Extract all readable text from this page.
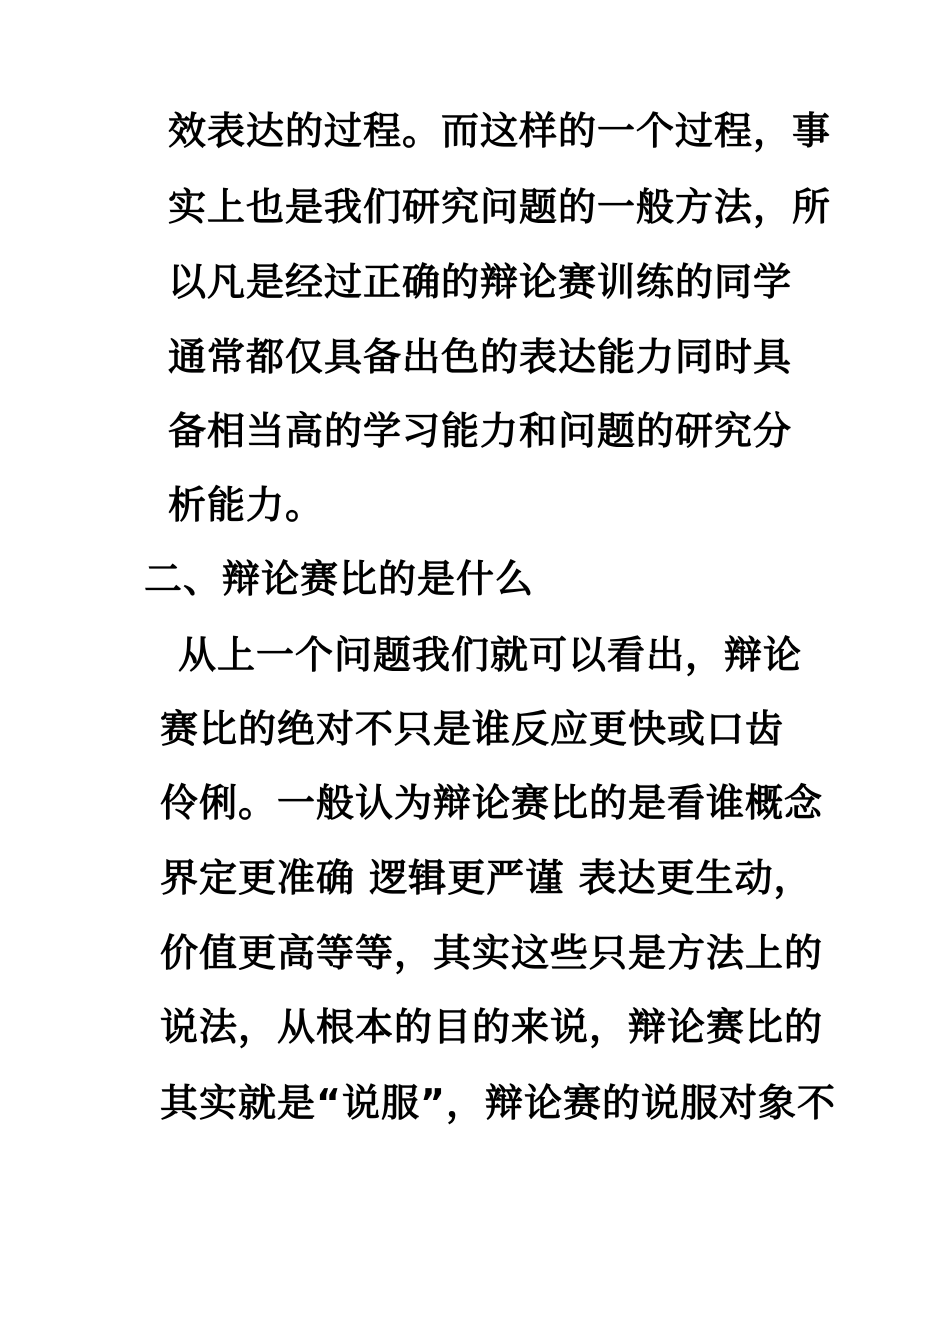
效表达的过程。而这样的一个过程，事
实上也是我们研究问题的一般方法，所
以凡是经过正确的辩论赛训练的同学
通常都仅具备出色的表达能力同时具
备相当高的学习能力和问题的研究分
析能力。
二、辩论赛比的是什么
从上一个问题我们就可以看出，辩论
赛比的绝对不只是谁反应更快或口齿
伶俐。一般认为辩论赛比的是看谁概念
界定更准确 逻辑更严谨 表达更生动，
价值更高等等，其实这些只是方法上的
说法，从根本的目的来说，辩论赛比的
其实就是“说服”，辩论赛的说服对象不
